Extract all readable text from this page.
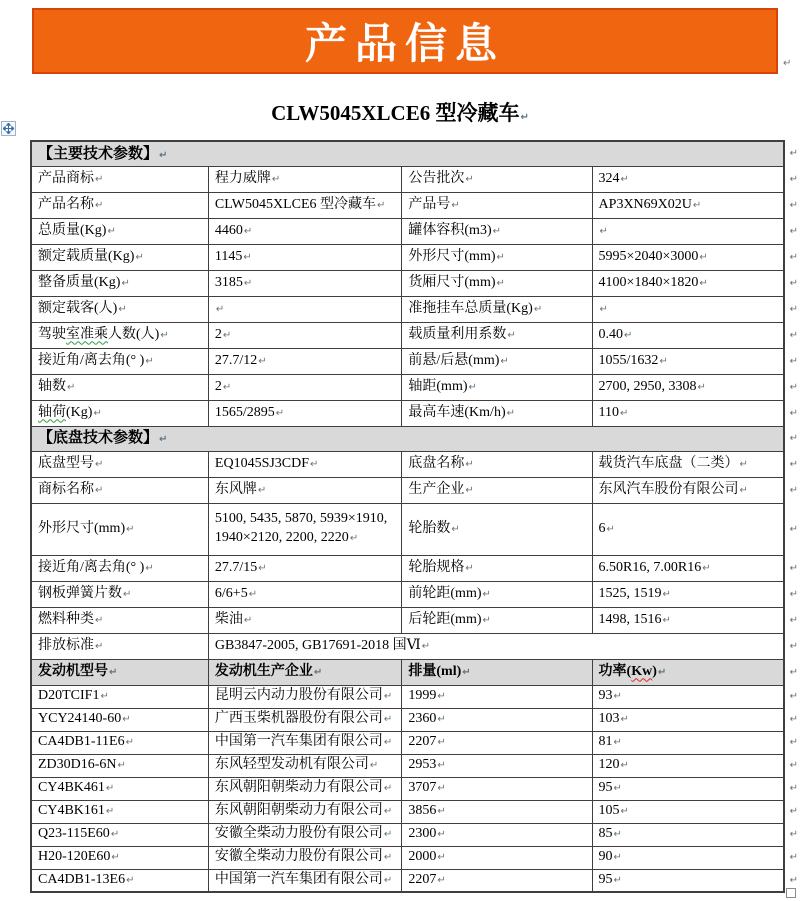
产品信息	↵
CLW5045XLCE6 型冷藏车↵
【主要技术参数】↵				↵
产品商标↵	程力威牌↵	公告批次↵	324↵	↵
产品名称↵	CLW5045XLCE6 型冷藏车↵	产品号↵	AP3XN69X02U↵	↵
总质量(Kg)↵	4460↵	罐体容积(m3)↵	↵	↵
额定载质量(Kg)↵	1145↵	外形尺寸(mm)↵	5995×2040×3000↵	↵
整备质量(Kg)↵	3185↵	货厢尺寸(mm)↵	4100×1840×1820↵	↵
额定载客(人)↵	↵	准拖挂车总质量(Kg)↵	↵	↵
驾驶室准乘人数(人)↵	2↵	载质量利用系数↵	0.40↵	↵
接近角/离去角(° )↵	27.7/12↵	前悬/后悬(mm)↵	1055/1632↵	↵
轴数↵	2↵	轴距(mm)↵	2700, 2950, 3308↵	↵
轴荷(Kg)↵	1565/2895↵	最高车速(Km/h)↵	110↵	↵
【底盘技术参数】↵				↵
底盘型号↵	EQ1045SJ3CDF↵	底盘名称↵	载货汽车底盘（二类）↵	↵
商标名称↵	东风牌↵	生产企业↵	东风汽车股份有限公司↵	↵
外形尺寸(mm)↵	5100, 5435, 5870, 5939×1910, 1940×2120, 2200, 2220↵	轮胎数↵	6↵	↵
接近角/离去角(° )↵	27.7/15↵	轮胎规格↵	6.50R16, 7.00R16↵	↵
钢板弹簧片数↵	6/6+5↵	前轮距(mm)↵	1525, 1519↵	↵
燃料种类↵	柴油↵	后轮距(mm)↵	1498, 1516↵	↵
排放标准↵	GB3847-2005, GB17691-2018 国Ⅵ↵			↵
发动机型号↵	发动机生产企业↵	排量(ml)↵	功率(Kw)↵	↵
D20TCIF1↵	昆明云内动力股份有限公司↵	1999↵	93↵	↵
YCY24140-60↵	广西玉柴机器股份有限公司↵	2360↵	103↵	↵
CA4DB1-11E6↵	中国第一汽车集团有限公司↵	2207↵	81↵	↵
ZD30D16-6N↵	东风轻型发动机有限公司↵	2953↵	120↵	↵
CY4BK461↵	东风朝阳朝柴动力有限公司↵	3707↵	95↵	↵
CY4BK161↵	东风朝阳朝柴动力有限公司↵	3856↵	105↵	↵
Q23-115E60↵	安徽全柴动力股份有限公司↵	2300↵	85↵	↵
H20-120E60↵	安徽全柴动力股份有限公司↵	2000↵	90↵	↵
CA4DB1-13E6↵	中国第一汽车集团有限公司↵	2207↵	95↵	↵
